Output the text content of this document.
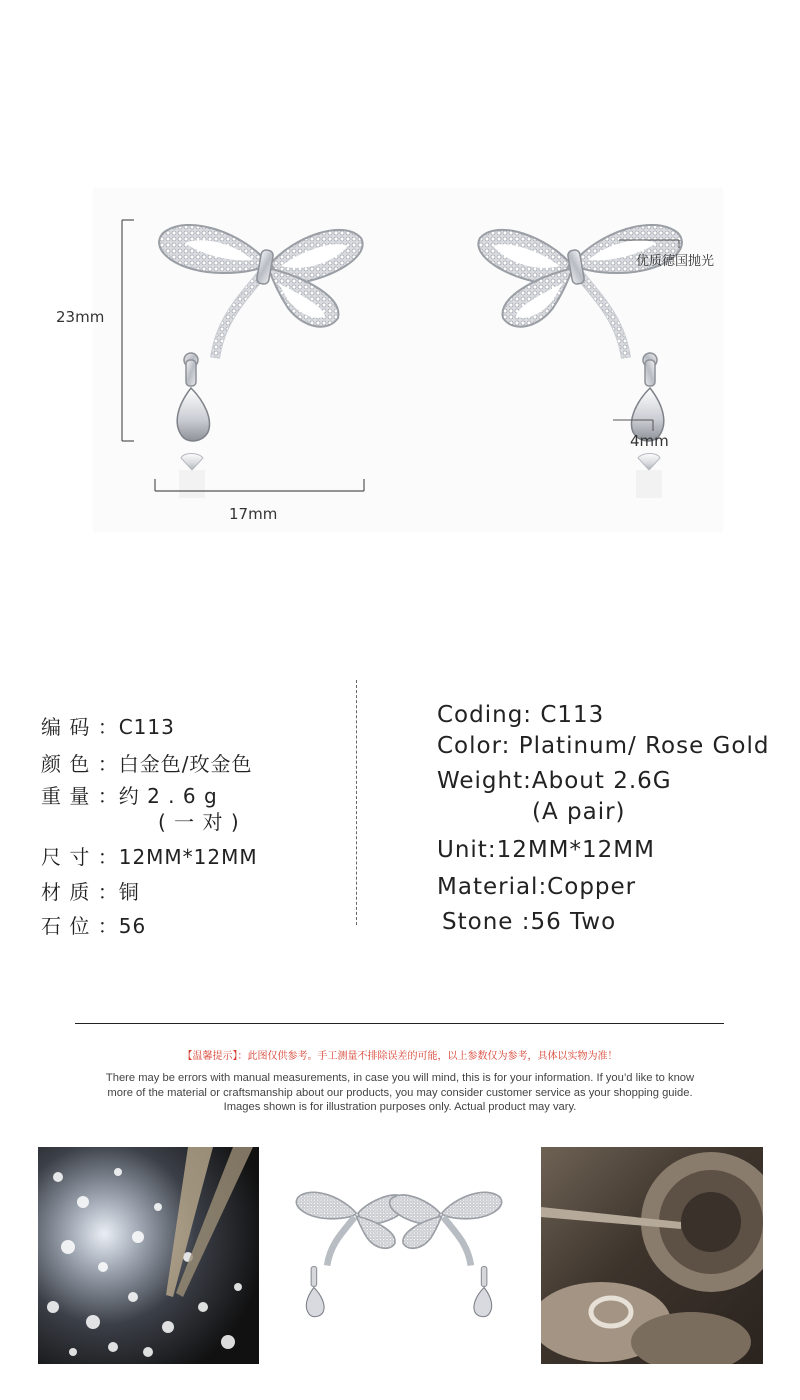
23mm
17mm
4mm
优质德国抛光
编 码 ：C113
颜 色 ：白金色/玫金色
重 量 ：约 2 . 6 g
( 一 对 )
尺 寸 ：12MM*12MM
材 质 ：铜
石 位 ：56
Coding: C113
Color: Platinum/ Rose Gold
Weight:About 2.6G
(A pair)
Unit:12MM*12MM
Material:Copper
Stone :56 Two
【温馨提示】：此图仅供参考。手工测量不排除误差的可能，以上参数仅为参考，具体以实物为准！
There may be errors with manual measurements, in case you will mind, this is for your information. If you’d like to know more of the material or craftsmanship about our products, you may consider customer service as your shopping guide. Images shown is for illustration purposes only. Actual product may vary.
